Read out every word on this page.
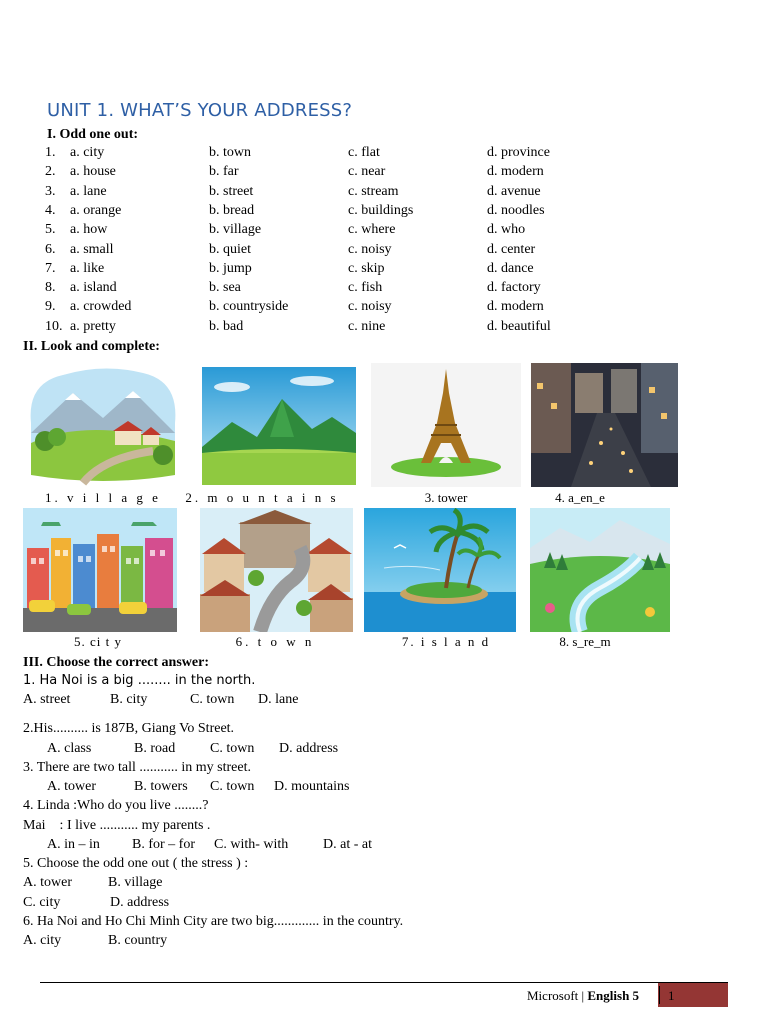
UNIT 1. WHAT’S YOUR ADDRESS?
I. Odd one out:
1. a. city	b. town	c. flat	d. province
2. a. house	b. far	c. near	d. modern
3. a. lane	b. street	c. stream	d. avenue
4. a. orange	b. bread	c. buildings	d. noodles
5. a. how	b. village	c. where	d. who
6. a. small	b. quiet	c. noisy	d. center
7. a. like	b. jump	c. skip	d. dance
8. a. island	b. sea	c. fish	d. factory
9. a. crowded	b. countryside	c. noisy	d. modern
10. a. pretty	b. bad	c. nine	d. beautiful
II. Look and complete:
1. v i l l a g e	2. m o u n t a i n s	3. tower	4. a_en_e
5. ci t y	6. t o w n	7. i s l a n d	8. s_re_m
III. Choose the correct answer:
1. Ha Noi is a big ........ in the north.
A. street	B. city	C. town D. lane
2.His.......... is 187B, Giang Vo Street.
A. class	B. road C. town D. address
3. There are two tall ........... in my street.
A. tower	B. towers C. town D. mountains
4. Linda :Who do you live ........?
Mai    : I live ........... my parents .
A. in – in B. for – for C. with- with D. at - at
5. Choose the odd one out ( the stress ) :
A. tower	B. village
C. city	D. address
6. Ha Noi and Ho Chi Minh City are two big............. in the country.
A. city	B. country
Microsoft | English 5 1
